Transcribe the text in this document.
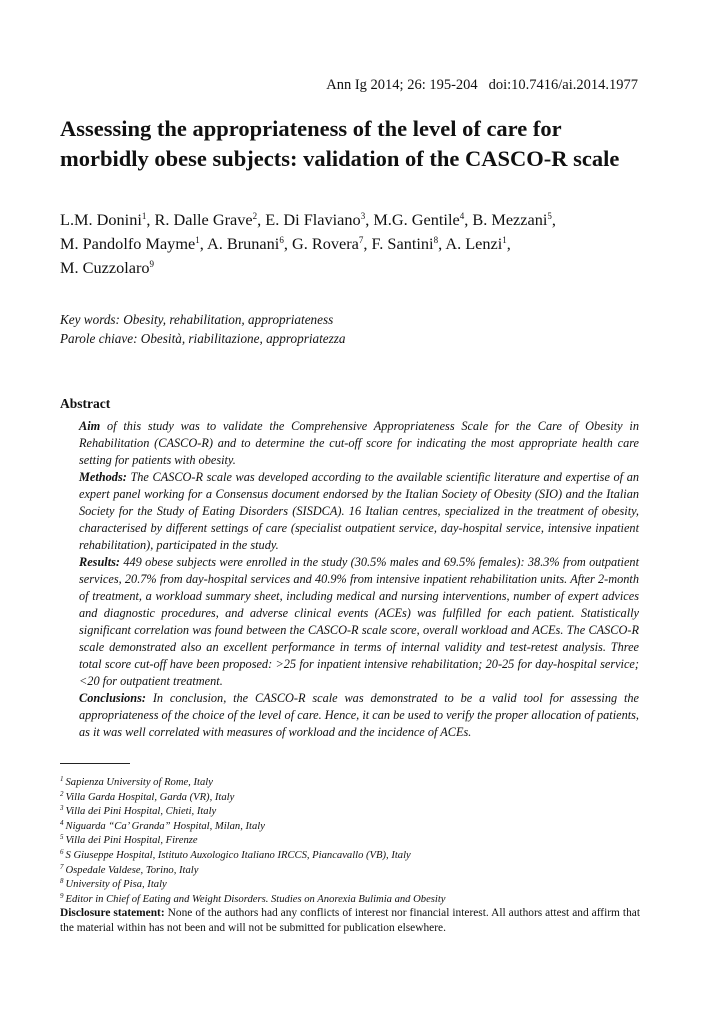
Ann Ig 2014; 26: 195-204 doi:10.7416/ai.2014.1977
Assessing the appropriateness of the level of care for morbidly obese subjects: validation of the CASCO-R scale
L.M. Donini$^1$, R. Dalle Grave$^2$, E. Di Flaviano$^3$, M.G. Gentile$^4$, B. Mezzani$^5$,
M. Pandolfo Mayme$^1$, A. Brunani$^6$, G. Rovera$^7$, F. Santini$^8$, A. Lenzi$^1$,
M. Cuzzolaro$^9$
Key words: Obesity, rehabilitation, appropriateness
Parole chiave: Obesità, riabilitazione, appropriatezza
Abstract

Aim of this study was to validate the Comprehensive Appropriateness Scale for the Care of Obesity in Rehabilitation (CASCO-R) and to determine the cut-off score for indicating the most appropriate health care setting for patients with obesity.

Methods: The CASCO-R scale was developed according to the available scientific literature and expertise of an expert panel working for a Consensus document endorsed by the Italian Society of Obesity (SIO) and the Italian Society for the Study of Eating Disorders (SISDCA). 16 Italian centres, specialized in the treatment of obesity, characterised by different settings of care (specialist outpatient service, day-hospital service, intensive inpatient rehabilitation), participated in the study.

Results: 449 obese subjects were enrolled in the study (30.5% males and 69.5% females): 38.3% from outpatient services, 20.7% from day-hospital services and 40.9% from intensive inpatient rehabilitation units. After 2-month of treatment, a workload summary sheet, including medical and nursing interventions, number of expert advices and diagnostic procedures, and adverse clinical events (ACEs) was fulfilled for each patient. Statistically significant correlation was found between the CASCO-R scale score, overall workload and ACEs. The CASCO-R scale demonstrated also an excellent performance in terms of internal validity and test-retest analysis. Three total score cut-off have been proposed: >25 for inpatient intensive rehabilitation; 20-25 for day-hospital service; <20 for outpatient treatment.

Conclusions: In conclusion, the CASCO-R scale was demonstrated to be a valid tool for assessing the appropriateness of the choice of the level of care. Hence, it can be used to verify the proper allocation of patients, as it was well correlated with measures of workload and the incidence of ACEs.

$^1$ Sapienza University of Rome, Italy
$^2$ Villa Garda Hospital, Garda (VR), Italy
$^3$ Villa dei Pini Hospital, Chieti, Italy
$^4$ Niguarda “Ca’ Granda” Hospital, Milan, Italy
$^5$ Villa dei Pini Hospital, Firenze
$^6$ S Giuseppe Hospital, Istituto Auxologico Italiano IRCCS, Piancavallo (VB), Italy
$^7$ Ospedale Valdese, Torino, Italy
$^8$ University of Pisa, Italy
$^9$ Editor in Chief of Eating and Weight Disorders. Studies on Anorexia Bulimia and Obesity
Disclosure statement: None of the authors had any conflicts of interest nor financial interest. All authors attest and affirm that the material within has not been and will not be submitted for publication elsewhere.
